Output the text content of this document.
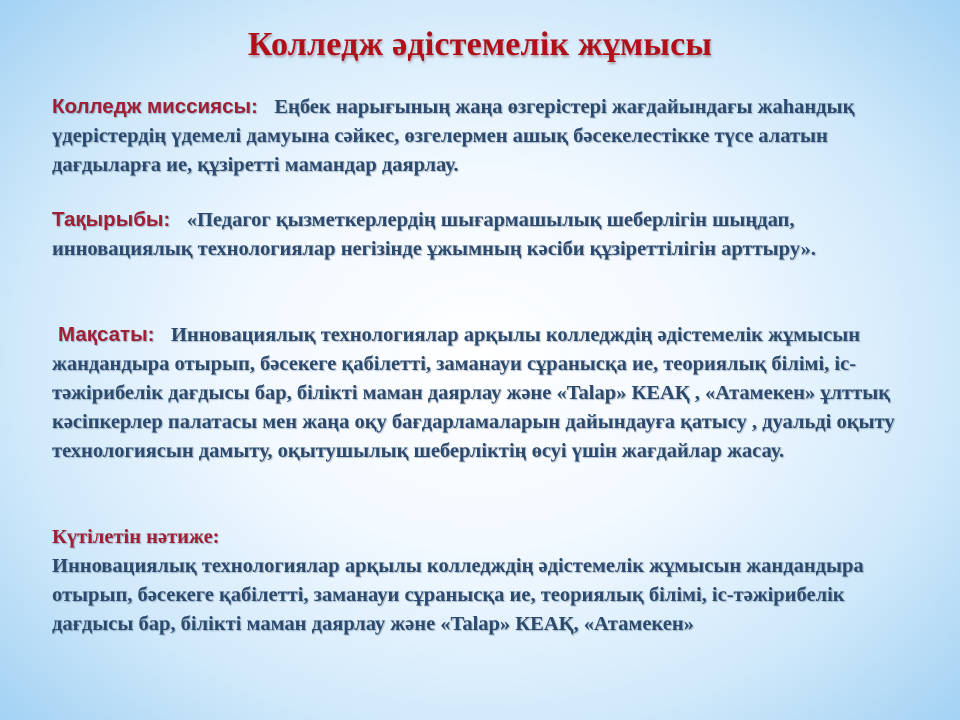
Колледж әдістемелік жұмысы
Колледж миссиясы:   Еңбек нарығының жаңа өзгерістері жағдайындағы жаһандық үдерістердің үдемелі дамуына сәйкес, өзгелермен ашық бәсекелестікке түсе алатын дағдыларға ие, құзіретті мамандар даярлау.
Тақырыбы:   «Педагог қызметкерлердің шығармашылық шеберлігін шыңдап, инновациялық технологиялар негізінде ұжымның кәсіби құзіреттілігін арттыру».
Мақсаты:   Инновациялық технологиялар арқылы колледждің әдістемелік жұмысын жандандыра отырып, бәсекеге қабілетті, заманауи сұранысқа ие, теориялық білімі, іс-тәжірибелік дағдысы бар, білікті маман даярлау және «Talap» КЕАҚ , «Атамекен» ұлттық кәсіпкерлер палатасы мен жаңа оқу бағдарламаларын дайындауға қатысу , дуальді оқыту технологиясын дамыту, оқытушылық шеберліктің өсуі үшін жағдайлар жасау.
Күтілетін нәтиже:
Инновациялық технологиялар арқылы колледждің әдістемелік жұмысын жандандыра отырып, бәсекеге қабілетті, заманауи сұранысқа ие, теориялық білімі, іс-тәжірибелік дағдысы бар, білікті маман даярлау және «Talap» КЕАҚ, «Атамекен»
